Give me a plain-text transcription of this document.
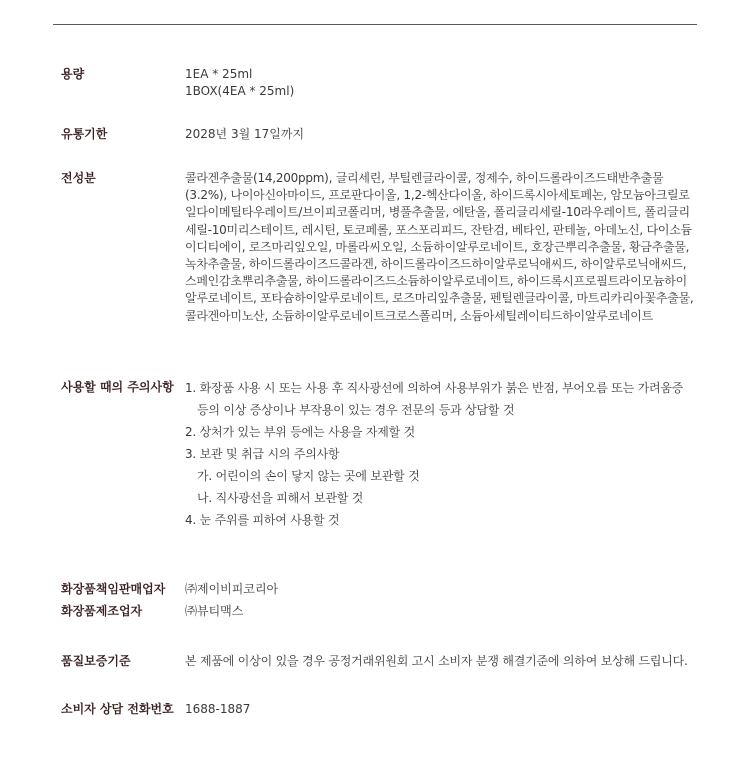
용량	1EA * 25ml

1BOX(4EA * 25ml)

유통기한	2028년 3월 17일까지
전성분	콜라겐추출물(14,200ppm), 글리세린, 부틸렌글라이콜, 정제수, 하이드롤라이즈드태반추출물(3.2%), 나이아신아마이드, 프로판다이올, 1,2-헥산다이올, 하이드록시아세토페논, 암모늄아크릴로일다이메틸타우레이트/브이피코폴리머, 병풀추출물, 에탄올, 폴리글리세릴-10라우레이트, 폴리글리세릴-10미리스테이트, 레시틴, 토코페롤, 포스포리피드, 잔탄검, 베타인, 판테놀, 아데노신, 다이소듐이디티에이, 로즈마리잎오일, 마롤라씨오일, 소듐하이알루로네이트, 호장근뿌리추출물, 황금추출물, 녹차추출물, 하이드롤라이즈드콜라겐, 하이드롤라이즈드하이알루로닉애씨드, 하이알루로닉애씨드, 스페인감초뿌리추출물, 하이드롤라이즈드소듐하이알루로네이트, 하이드록시프로필트라이모늄하이알루로네이트, 포타슘하이알루로네이트, 로즈마리잎추출물, 펜틸렌글라이콜, 마트리카리아꽃추출물, 콜라겐아미노산, 소듐하이알루로네이트크로스폴리머, 소듐아세틸레이티드하이알루로네이트
사용할 때의 주의사항 1. 화장품 사용 시 또는 사용 후 직사광선에 의하여 사용부위가 붉은 반점, 부어오름 또는 가려움증
등의 이상 증상이나 부작용이 있는 경우 전문의 등과 상담할 것
2. 상처가 있는 부위 등에는 사용을 자제할 것
3. 보관 및 취급 시의 주의사항
가. 어린이의 손이 닿지 않는 곳에 보관할 것
나. 직사광선을 피해서 보관할 것
4. 눈 주위를 피하여 사용할 것
화장품책임판매업자	㈜제이비피코리아
화장품제조업자	㈜뷰티맥스
품질보증기준	본 제품에 이상이 있을 경우 공정거래위원회 고시 소비자 분쟁 해결기준에 의하여 보상해 드립니다.
소비자 상담 전화번호 1688-1887
